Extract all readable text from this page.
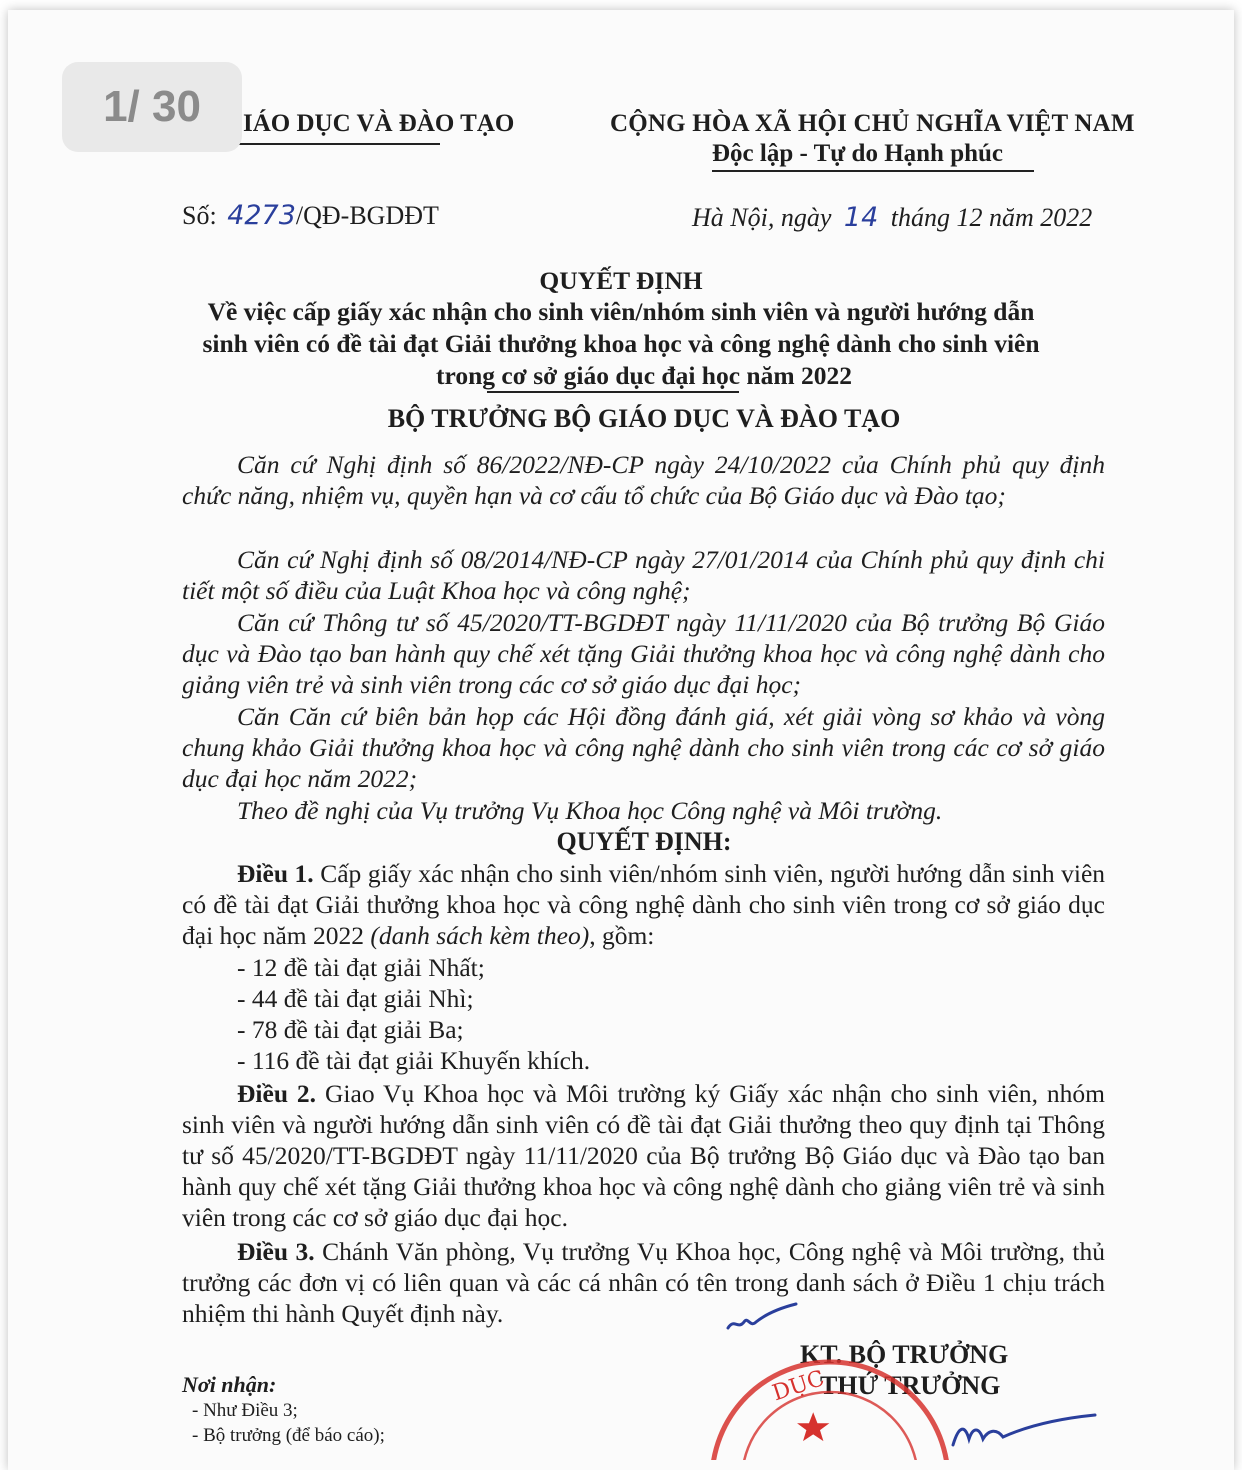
IÁO DỤC VÀ ĐÀO TẠO	CỘNG HÒA XÃ HỘI CHỦ NGHĨA VIỆT NAM
Độc lập - Tự do Hạnh phúc
1/ 30
Số: 4273/QĐ-BGDĐT	Hà Nội, ngày 14 tháng 12 năm 2022
QUYẾT ĐỊNH
Về việc cấp giấy xác nhận cho sinh viên/nhóm sinh viên và người hướng dẫn
sinh viên có đề tài đạt Giải thưởng khoa học và công nghệ dành cho sinh viên
trong cơ sở giáo dục đại học năm 2022
BỘ TRƯỞNG BỘ GIÁO DỤC VÀ ĐÀO TẠO
Căn cứ Nghị định số 86/2022/NĐ-CP ngày 24/10/2022 của Chính phủ quy định chức năng, nhiệm vụ, quyền hạn và cơ cấu tổ chức của Bộ Giáo dục và Đào tạo;
Căn cứ Nghị định số 08/2014/NĐ-CP ngày 27/01/2014 của Chính phủ quy định chi tiết một số điều của Luật Khoa học và công nghệ;
Căn cứ Thông tư số 45/2020/TT-BGDĐT ngày 11/11/2020 của Bộ trưởng Bộ Giáo dục và Đào tạo ban hành quy chế xét tặng Giải thưởng khoa học và công nghệ dành cho giảng viên trẻ và sinh viên trong các cơ sở giáo dục đại học;
Căn Căn cứ biên bản họp các Hội đồng đánh giá, xét giải vòng sơ khảo và vòng chung khảo Giải thưởng khoa học và công nghệ dành cho sinh viên trong các cơ sở giáo dục đại học năm 2022;
Theo đề nghị của Vụ trưởng Vụ Khoa học Công nghệ và Môi trường.
QUYẾT ĐỊNH:
Điều 1. Cấp giấy xác nhận cho sinh viên/nhóm sinh viên, người hướng dẫn sinh viên có đề tài đạt Giải thưởng khoa học và công nghệ dành cho sinh viên trong cơ sở giáo dục đại học năm 2022 (danh sách kèm theo), gồm:
- 12 đề tài đạt giải Nhất;
- 44 đề tài đạt giải Nhì;
- 78 đề tài đạt giải Ba;
- 116 đề tài đạt giải Khuyến khích.
Điều 2. Giao Vụ Khoa học và Môi trường ký Giấy xác nhận cho sinh viên, nhóm sinh viên và người hướng dẫn sinh viên có đề tài đạt Giải thưởng theo quy định tại Thông tư số 45/2020/TT-BGDĐT ngày 11/11/2020 của Bộ trưởng Bộ Giáo dục và Đào tạo ban hành quy chế xét tặng Giải thưởng khoa học và công nghệ dành cho giảng viên trẻ và sinh viên trong các cơ sở giáo dục đại học.
Điều 3. Chánh Văn phòng, Vụ trưởng Vụ Khoa học, Công nghệ và Môi trường, thủ trưởng các đơn vị có liên quan và các cá nhân có tên trong danh sách ở Điều 1 chịu trách nhiệm thi hành Quyết định này.
KT. BỘ TRƯỞNG
THỨ TRƯỞNG
DỤC
Nơi nhận:
- Như Điều 3;
- Bộ trưởng (để báo cáo);
